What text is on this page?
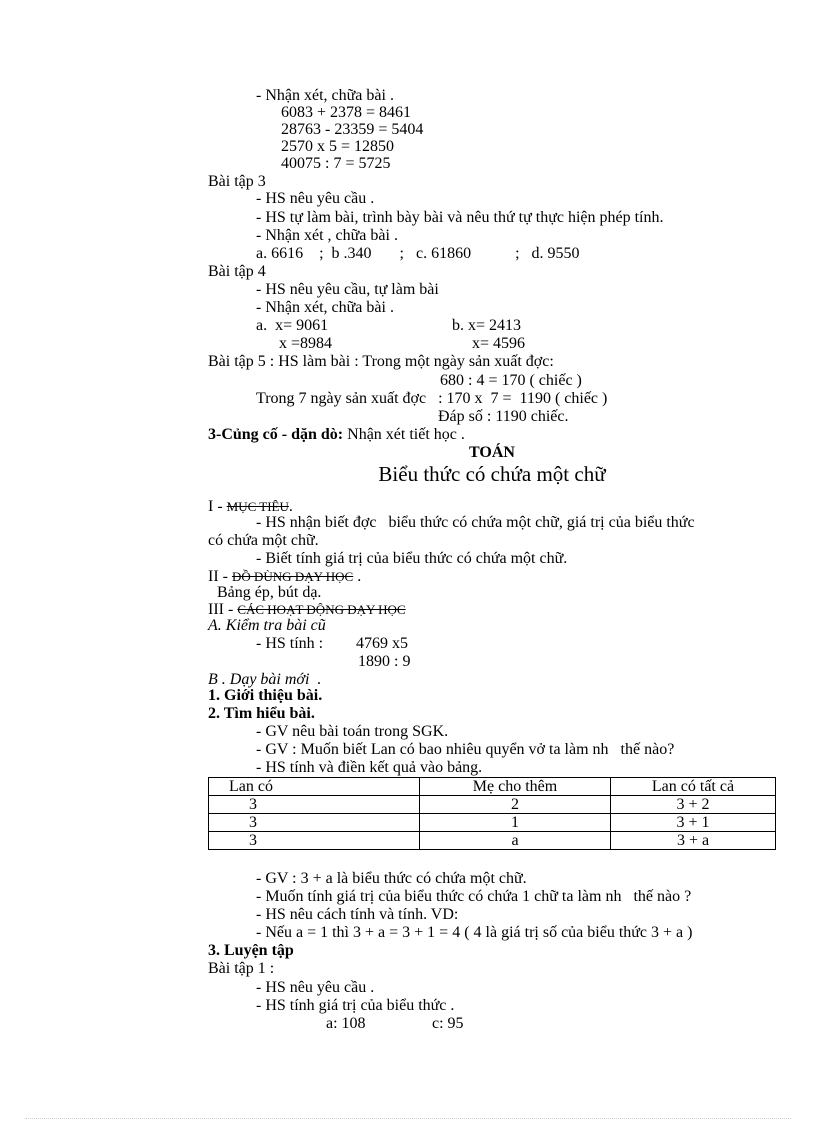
- Nhận xét, chữa bài .
6083 + 2378 = 8461
28763 - 23359 = 5404
2570 x 5 = 12850
40075 : 7 = 5725
Bài tập 3
- HS nêu yêu cầu .
- HS tự làm bài, trình bày bài và nêu thứ tự thực hiện phép tính.
- Nhận xét , chữa bài .
a. 6616    ;  b .340       ;   c. 61860           ;   d. 9550
Bài tập 4
- HS nêu yêu cầu, tự làm bài
- Nhận xét, chữa bài .
a.  x= 9061	b. x= 2413
x =8984	x= 4596
Bài tập 5 : HS làm bài : Trong một ngày sản xuất đợc:
680 : 4 = 170 ( chiếc )
Trong 7 ngày sản xuất đợc   : 170 x  7 =  1190 ( chiếc )
Đáp số : 1190 chiếc.
3-Củng cố - dặn dò: Nhận xét tiết học .
TOÁN
Biểu thức có chứa một chữ
I - MỤC TIÊU.
- HS nhận biết đợc   biểu thức có chứa một chữ, giá trị của biểu thức
có chứa một chữ.
- Biết tính giá trị của biểu thức có chứa một chữ.
II - ĐỒ DÙNG DẠY HỌC .
Bảng ép, bút dạ.
III - CÁC HOẠT ĐỘNG DẠY HỌC
A. Kiểm tra bài cũ
- HS tính : 4769 x5
1890 : 9
B . Dạy bài mới  .
1. Giới thiệu bài.
2. Tìm hiểu bài.
- GV nêu bài toán trong SGK.
- GV : Muốn biết Lan có bao nhiêu quyển vở ta làm nh   thế nào?
- HS tính và điền kết quả vào bảng.
Lan có	Mẹ cho thêm	Lan có tất cả
3	2	3 + 2
3	1	3 + 1
3	a	3 + a
- GV : 3 + a là biểu thức có chứa một chữ.
- Muốn tính giá trị của biểu thức có chứa 1 chữ ta làm nh   thế nào ?
- HS nêu cách tính và tính. VD:
- Nếu a = 1 thì 3 + a = 3 + 1 = 4 ( 4 là giá trị số của biểu thức 3 + a )
3. Luyện tập
Bài tập 1 :
- HS nêu yêu cầu .
- HS tính giá trị của biểu thức .
a: 108	c: 95
